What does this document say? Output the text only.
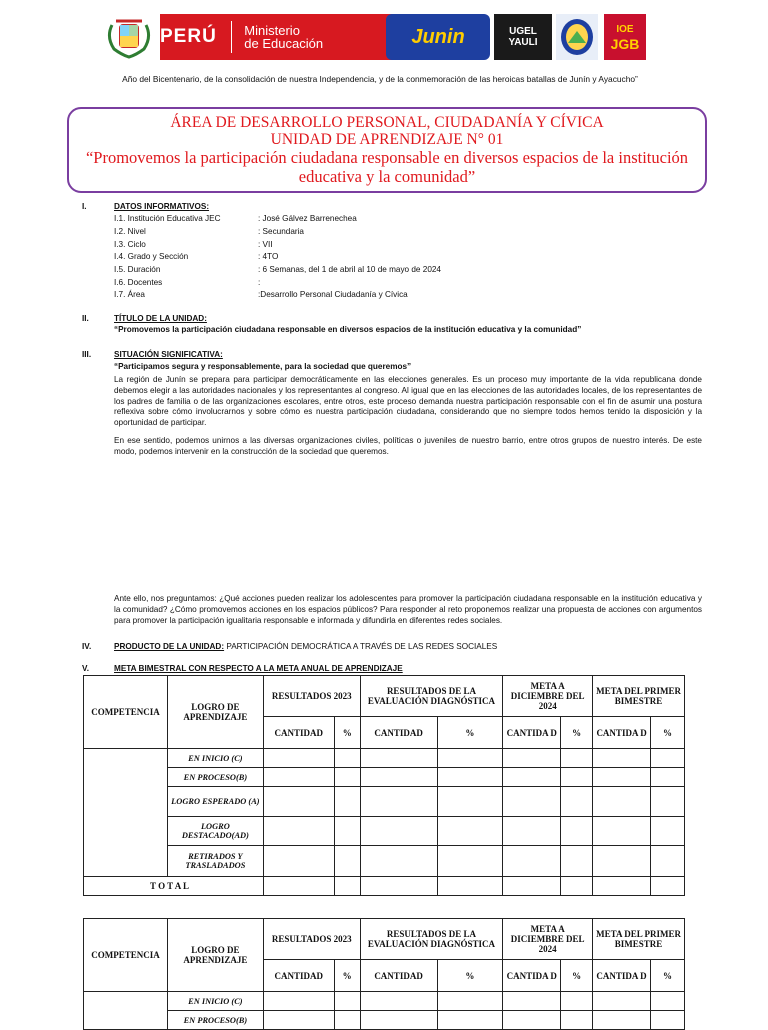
PERÚ Ministerio
de Educación	Junin	UGEL
YAULI
IOE
JGB
Año del Bicentenario, de la consolidación de nuestra Independencia, y de la conmemoración de las heroicas batallas de Junín y Ayacucho”
ÁREA DE DESARROLLO PERSONAL, CIUDADANÍA Y CÍVICA
UNIDAD DE APRENDIZAJE N° 01
“Promovemos la participación ciudadana responsable en diversos espacios de la institución educativa y la comunidad”
I.	DATOS INFORMATIVOS:
I.1. Institución Educativa JEC	: José Gálvez Barrenechea
I.2. Nivel	: Secundaria
I.3. Ciclo	: VII
I.4. Grado y Sección	: 4TO
I.5. Duración	: 6 Semanas, del 1 de abril al 10 de mayo de 2024
I.6. Docentes	:
I.7. Área	:Desarrollo Personal Ciudadanía y Cívica
II.	TÍTULO DE LA UNIDAD:
“Promovemos la participación ciudadana responsable en diversos espacios de la institución educativa y la comunidad”
III.	SITUACIÓN SIGNIFICATIVA:
“Participamos segura y responsablemente, para la sociedad que queremos”
La región de Junín se prepara para participar democráticamente en las elecciones generales. Es un proceso muy importante de la vida republicana donde debemos elegir a las autoridades nacionales y los representantes al congreso. Al igual que en las elecciones de las autoridades locales, de los representantes de los padres de familia o de las organizaciones escolares, entre otros, este proceso demanda nuestra participación responsable con el fin de asumir una postura reflexiva sobre cómo involucrarnos y sobre cómo es nuestra participación ciudadana, considerando que no siempre todos hemos tenido la disposición y la oportunidad de participar.
En ese sentido, podemos unirnos a las diversas organizaciones civiles, políticas o juveniles de nuestro barrio, entre otros grupos de nuestro interés. De este modo, podemos intervenir en la construcción de la sociedad que queremos.
Ante ello, nos preguntamos: ¿Qué acciones pueden realizar los adolescentes para promover la participación ciudadana responsable en la institución educativa y la comunidad? ¿Cómo promovemos acciones en los espacios públicos? Para responder al reto proponemos realizar una propuesta de acciones con argumentos para promover la participación igualitaria responsable e informada y difundirla en diferentes redes sociales.
IV.	PRODUCTO DE LA UNIDAD: PARTICIPACIÓN DEMOCRÁTICA A TRAVÉS DE LAS REDES SOCIALES
V.	META BIMESTRAL CON RESPECTO A LA META ANUAL DE APRENDIZAJE
COMPETENCIA	LOGRO DE APRENDIZAJE	RESULTADOS 2023		RESULTADOS DE LA EVALUACIÓN DIAGNÓSTICA		META A DICIEMBRE DEL 2024		META DEL PRIMER BIMESTRE	
		CANTIDAD	%	CANTIDAD	%	CANTIDA D	%	CANTIDA D	%
	EN INICIO (C)								
	EN PROCESO(B)								
	LOGRO ESPERADO (A)								
	LOGRO DESTACADO(AD)								
	RETIRADOS Y TRASLADADOS								
T O T A L									
COMPETENCIA	LOGRO DE APRENDIZAJE	RESULTADOS 2023		RESULTADOS DE LA EVALUACIÓN DIAGNÓSTICA		META A DICIEMBRE DEL 2024		META DEL PRIMER BIMESTRE	
		CANTIDAD	%	CANTIDAD	%	CANTIDA D	%	CANTIDA D	%
	EN INICIO (C)								
	EN PROCESO(B)								
